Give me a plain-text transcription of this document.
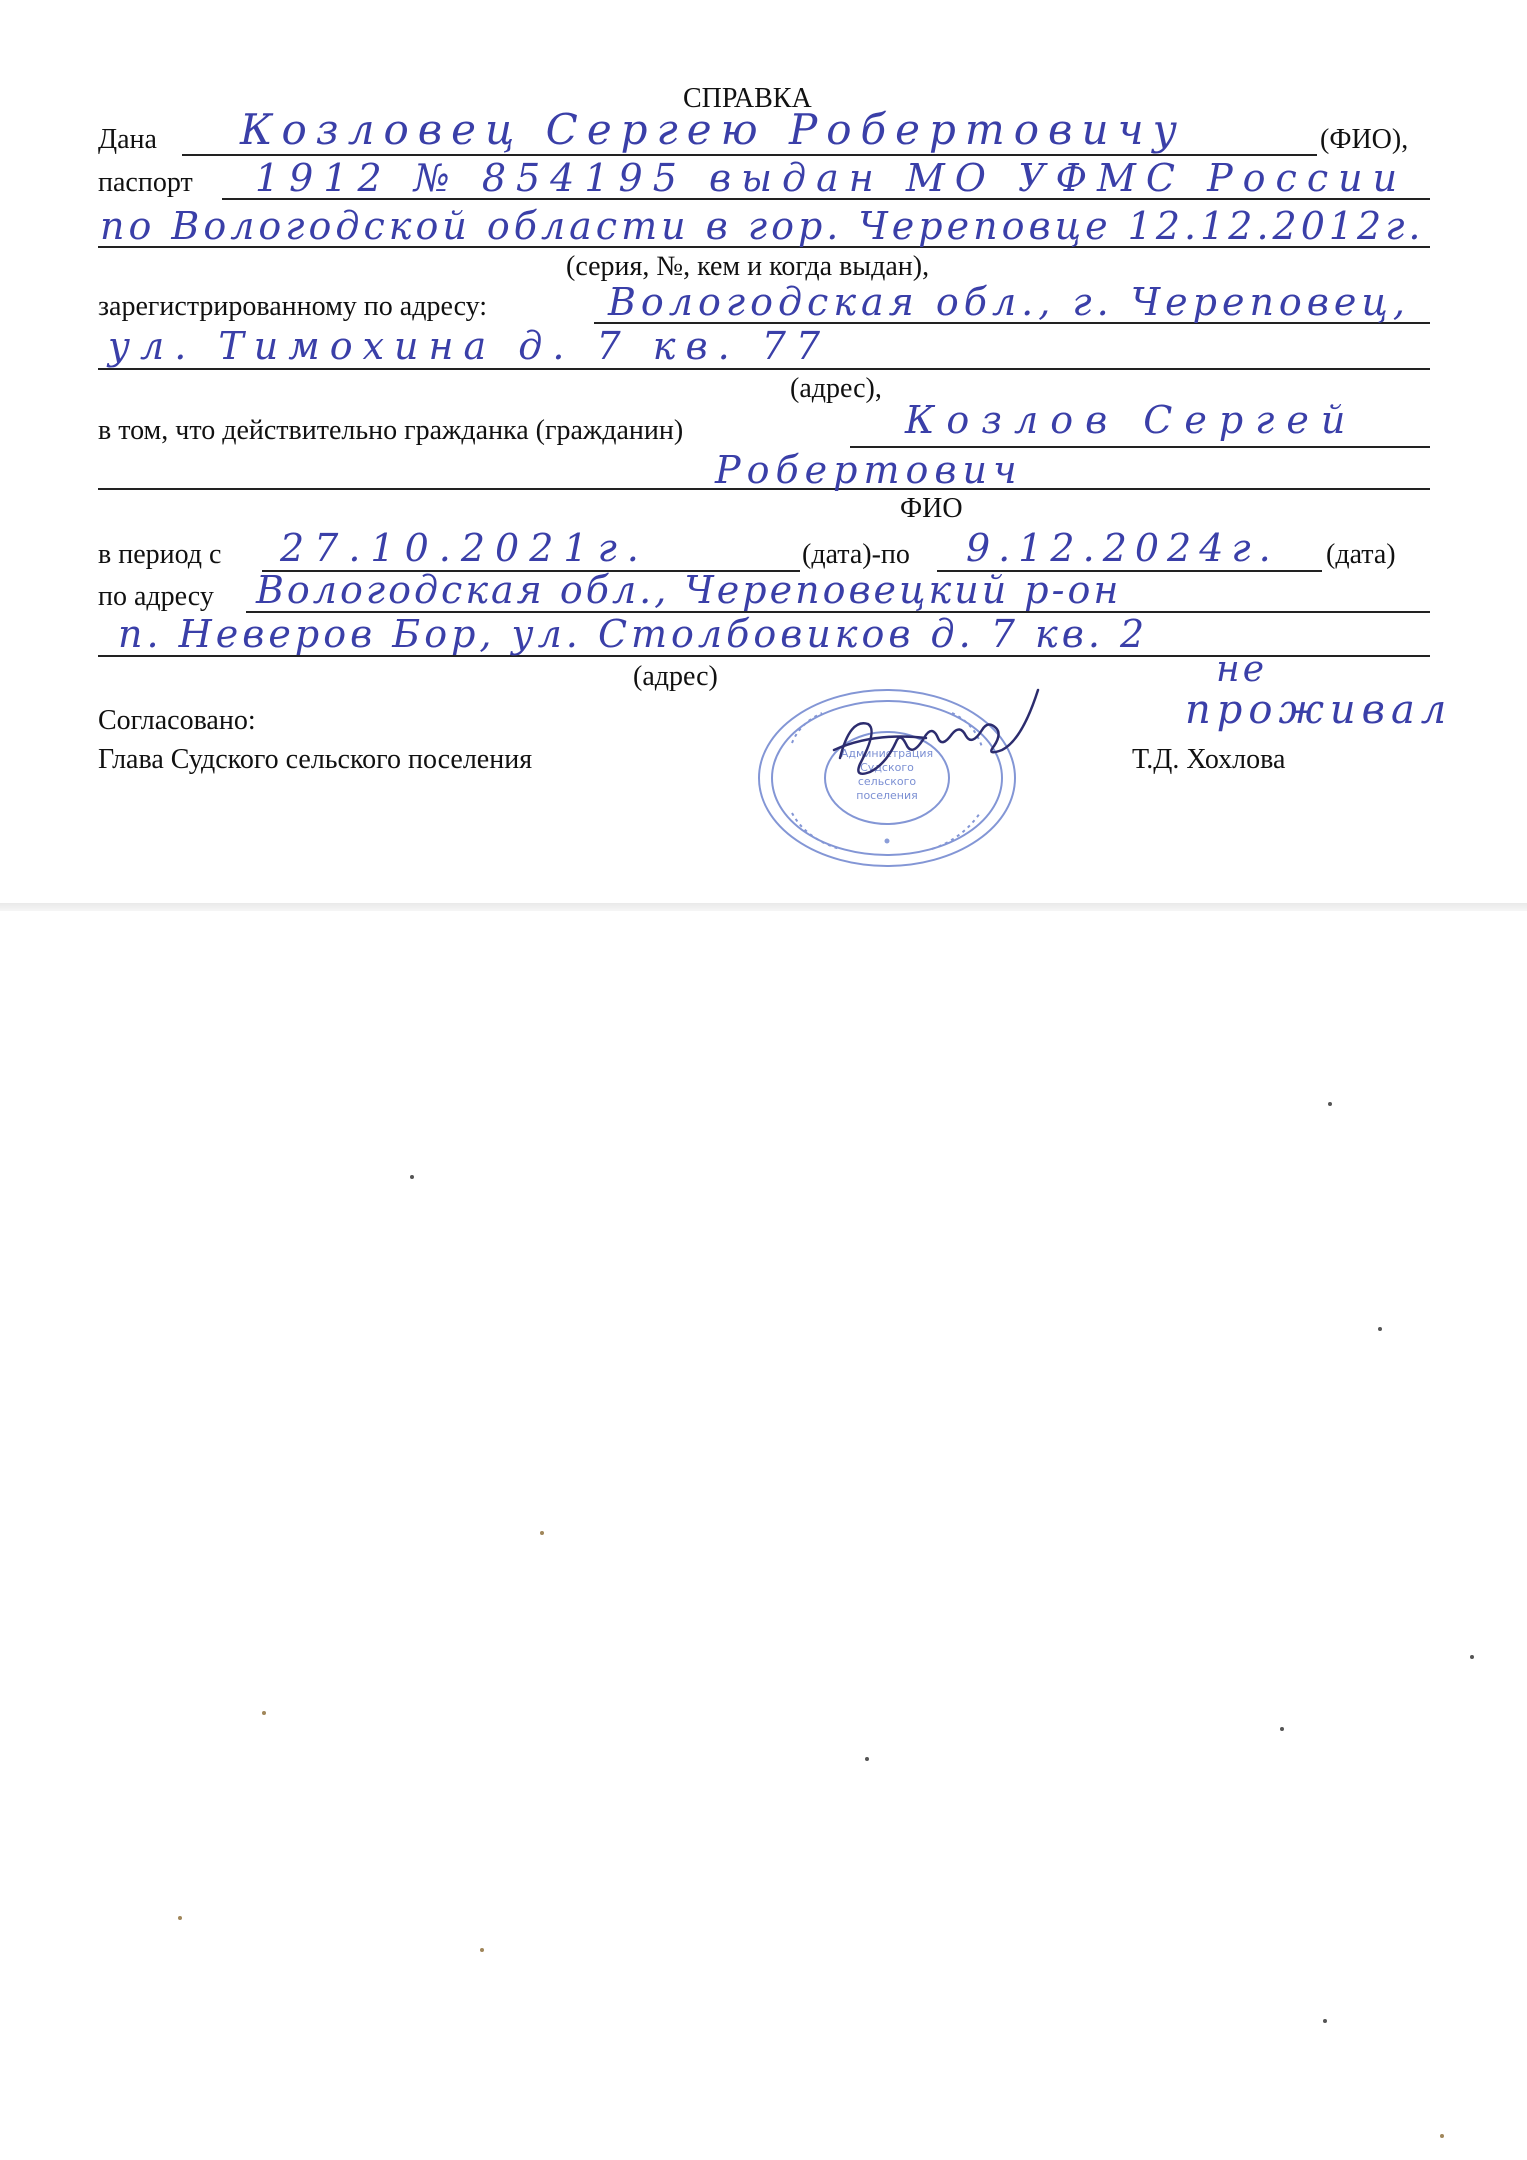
СПРАВКА
Дана Козловец Сергею Робертовичу	(ФИО),
паспорт 1912 № 854195 выдан МО УФМС России
по Вологодской области в гор. Череповце 12.12.2012г.
(серия, №, кем и когда выдан),
зарегистрированному по адресу:	Вологодская обл., г. Череповец,
ул. Тимохина д. 7 кв. 77
(адрес),
в том, что действительно гражданка (гражданин)	Козлов Сергей
Робертович
ФИО
в период с 27.10.2021г.	(дата)-по 9.12.2024г. (дата)
по адресу Вологодская обл., Череповецкий р-он
п. Неверов Бор, ул. Столбовиков д. 7 кв. 2
(адрес)	не
проживал
Согласовано:
Глава Судского сельского поселения	Т.Д. Хохлова
Администрация
Судского
сельского
поселения
